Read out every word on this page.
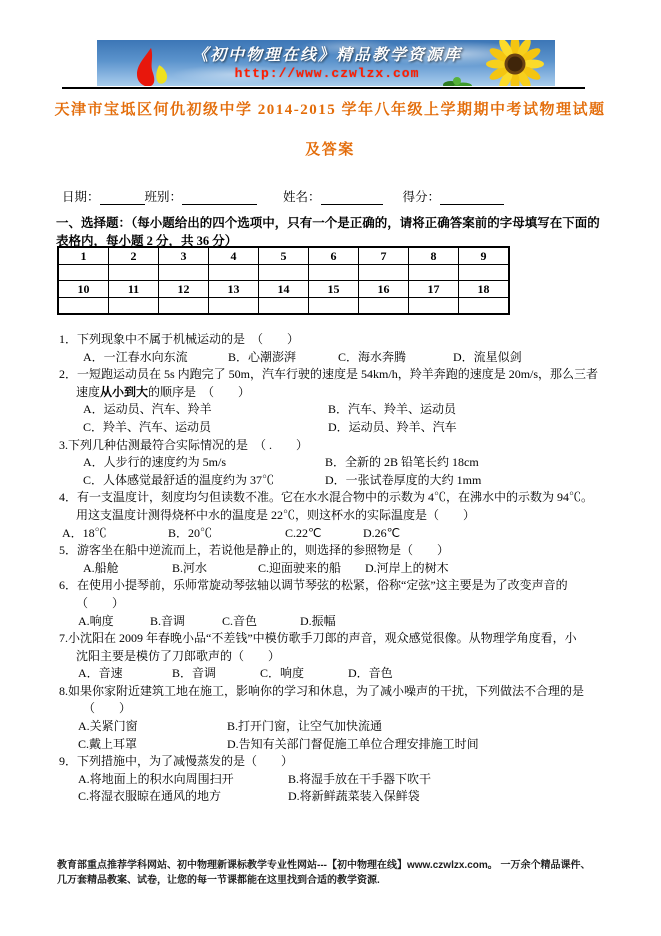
《初中物理在线》精品教学资源库
http://www.czwlzx.com
天津市宝坻区何仇初级中学 2014-2015 学年八年级上学期期中考试物理试题
及答案
日期：	班别：	姓名：	得分：
一、选择题：（每小题给出的四个选项中，只有一个是正确的，请将正确答案前的字母填写在下面的
表格内，每小题 2 分，共 36 分）
1	2	3	4	5	6	7	8	9

10	11	12	13	14	15	16	17	18

1．下列现象中不属于机械运动的是　（　　）
A．一江春水向东流	B．心潮澎湃	C．海水奔腾	D．流星似剑
2．一短跑运动员在 5s 内跑完了 50m，汽车行驶的速度是 54km/h，羚羊奔跑的速度是 20m/s，那么三者
速度从小到大的顺序是　（　　）
A．运动员、汽车、羚羊	B．汽车、羚羊、运动员
C．羚羊、汽车、运动员	D．运动员、羚羊、汽车
3.下列几种估测最符合实际情况的是　（ .　　）
A．人步行的速度约为 5m/s	B．全新的 2B 铅笔长约 18cm
C．人体感觉最舒适的温度约为 37℃	D．一张试卷厚度的大约 1mm
4．有一支温度计，刻度均匀但读数不准。它在水水混合物中的示数为 4℃，在沸水中的示数为 94℃。
用这支温度计测得烧杯中水的温度是 22℃，则这杯水的实际温度是（　　）
A．18℃	B．20℃	C.22℃	D.26℃
5．游客坐在船中逆流而上，若说他是静止的，则选择的参照物是（　　）
A.船舱	B.河水	C.迎面驶来的船	D.河岸上的树木
6．在使用小提琴前，乐师常旋动琴弦轴以调节琴弦的松紧，俗称“定弦”这主要是为了改变声音的
（　　）
A.响度	B.音调	C.音色	D.振幅
7.小沈阳在 2009 年春晚小品“不差钱”中模仿歌手刀郎的声音，观众感觉很像。从物理学角度看，小
沈阳主要是模仿了刀郎歌声的（　　）
A．音速	B．音调	C．响度	D．音色
8.如果你家附近建筑工地在施工，影响你的学习和休息，为了减小噪声的干扰，下列做法不合理的是
（　　）
A.关紧门窗	B.打开门窗，让空气加快流通
C.戴上耳罩	D.告知有关部门督促施工单位合理安排施工时间
9．下列措施中，为了减慢蒸发的是（　　）
A.将地面上的积水向周围扫开	B.将湿手放在干手器下吹干
C.将湿衣服晾在通风的地方	D.将新鲜蔬菜装入保鲜袋
教育部重点推荐学科网站、初中物理新课标教学专业性网站---【初中物理在线】www.czwlzx.com。 一万余个精品课件、
几万套精品教案、试卷，让您的每一节课都能在这里找到合适的教学资源.
